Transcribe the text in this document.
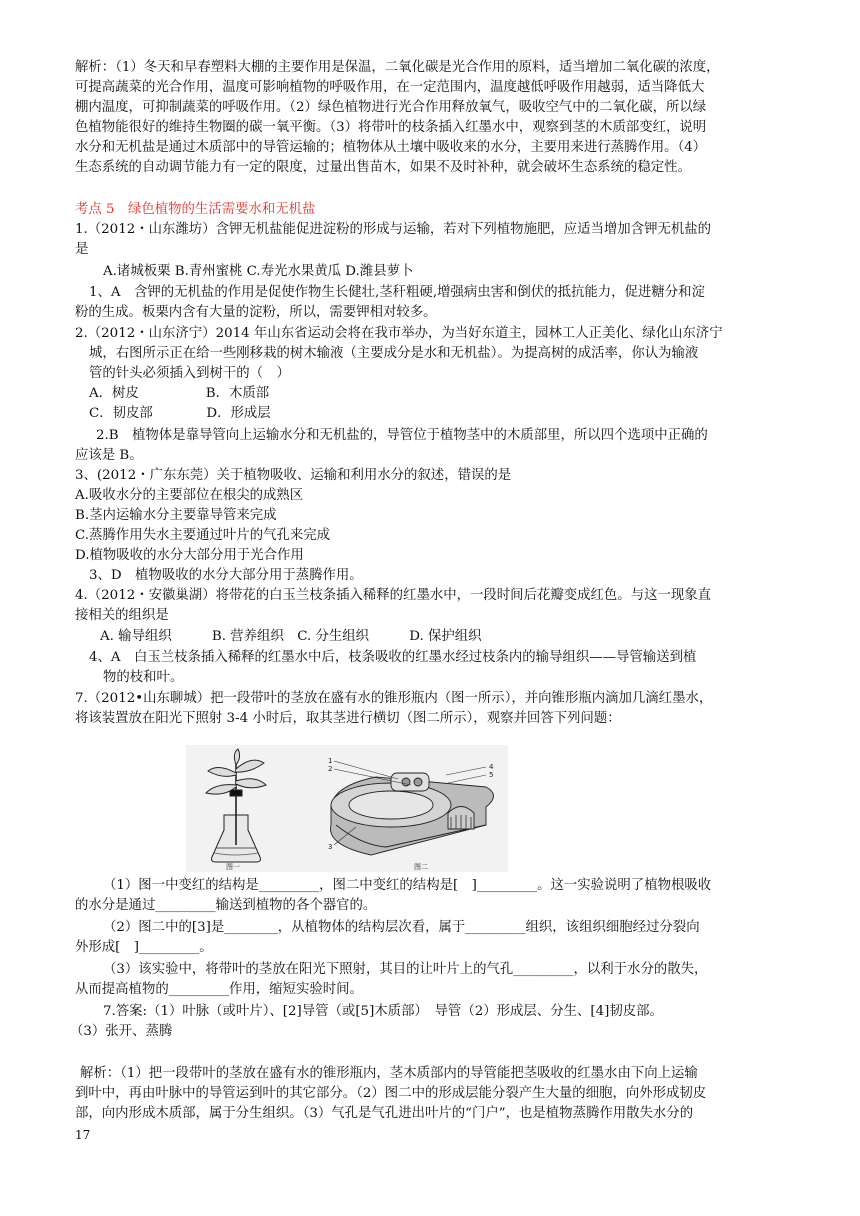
解析：（1）冬天和早春塑料大棚的主要作用是保温，二氧化碳是光合作用的原料，适当增加二氧化碳的浓度，
可提高蔬菜的光合作用，温度可影响植物的呼吸作用，在一定范围内，温度越低呼吸作用越弱，适当降低大
棚内温度，可抑制蔬菜的呼吸作用。（2）绿色植物进行光合作用释放氧气，吸收空气中的二氧化碳，所以绿
色植物能很好的维持生物圈的碳一氧平衡。（3）将带叶的枝条插入红墨水中，观察到茎的木质部变红，说明
水分和无机盐是通过木质部中的导管运输的；植物体从土壤中吸收来的水分，主要用来进行蒸腾作用。（4）
生态系统的自动调节能力有一定的限度，过量出售苗木，如果不及时补种，就会破坏生态系统的稳定性。
考点 5　绿色植物的生活需要水和无机盐
1.（2012・山东潍坊）含钾无机盐能促进淀粉的形成与运输，若对下列植物施肥，应适当增加含钾无机盐的
是
A.诸城板栗 B.青州蜜桃 C.寿光水果黄瓜 D.潍县萝卜
1、A　含钾的无机盐的作用是促使作物生长健壮,茎秆粗硬,增强病虫害和倒伏的抵抗能力，促进糖分和淀
粉的生成。板栗内含有大量的淀粉，所以，需要钾相对较多。
2.（2012・山东济宁）2014 年山东省运动会将在我市举办，为当好东道主，园林工人正美化、绿化山东济宁
城，右图所示正在给一些刚移栽的树木输液（主要成分是水和无机盐）。为提高树的成活率，你认为输液
管的针头必须插入到树干的（　）
A．树皮　　　　　B．木质部
C．韧皮部　　　　D．形成层
2.B　植物体是靠导管向上运输水分和无机盐的，导管位于植物茎中的木质部里，所以四个选项中正确的
应该是 B。
3、(2012・广东东莞）关于植物吸收、运输和利用水分的叙述，错误的是
A.吸收水分的主要部位在根尖的成熟区
B.茎内运输水分主要靠导管来完成
C.蒸腾作用失水主要通过叶片的气孔来完成
D.植物吸收的水分大部分用于光合作用
3、D　植物吸收的水分大部分用于蒸腾作用。
4.（2012・安徽巢湖）将带花的白玉兰枝条插入稀释的红墨水中，一段时间后花瓣变成红色。与这一现象直
接相关的组织是
A. 输导组织　　　B. 营养组织　C. 分生组织　　　D. 保护组织
4、A　白玉兰枝条插入稀释的红墨水中后，枝条吸收的红墨水经过枝条内的输导组织——导管输送到植
物的枝和叶。
7.（2012•山东聊城）把一段带叶的茎放在盛有水的锥形瓶内（图一所示），并向锥形瓶内滴加几滴红墨水，
将该装置放在阳光下照射 3-4 小时后，取其茎进行横切（图二所示），观察并回答下列问题：
图一
1
2
3
4
5
图二
（1）图一中变红的结构是_________，图二中变红的结构是[　]_________。这一实验说明了植物根吸收
的水分是通过_________输送到植物的各个器官的。
（2）图二中的[3]是________，从植物体的结构层次看，属于_________组织，该组织细胞经过分裂向
外形成[　]_________。
（3）该实验中，将带叶的茎放在阳光下照射，其目的让叶片上的气孔_________，以利于水分的散失，
从而提高植物的_________作用，缩短实验时间。
7.答案:（1）叶脉（或叶片）、[2]导管（或[5]木质部）　导管（2）形成层、分生、[4]韧皮部。
（3）张开、蒸腾
解析：（1）把一段带叶的茎放在盛有水的锥形瓶内，茎木质部内的导管能把茎吸收的红墨水由下向上运输
到叶中，再由叶脉中的导管运到叶的其它部分。（2）图二中的形成层能分裂产生大量的细胞，向外形成韧皮
部，向内形成木质部，属于分生组织。（3）气孔是气孔进出叶片的“门户”，也是植物蒸腾作用散失水分的
17
